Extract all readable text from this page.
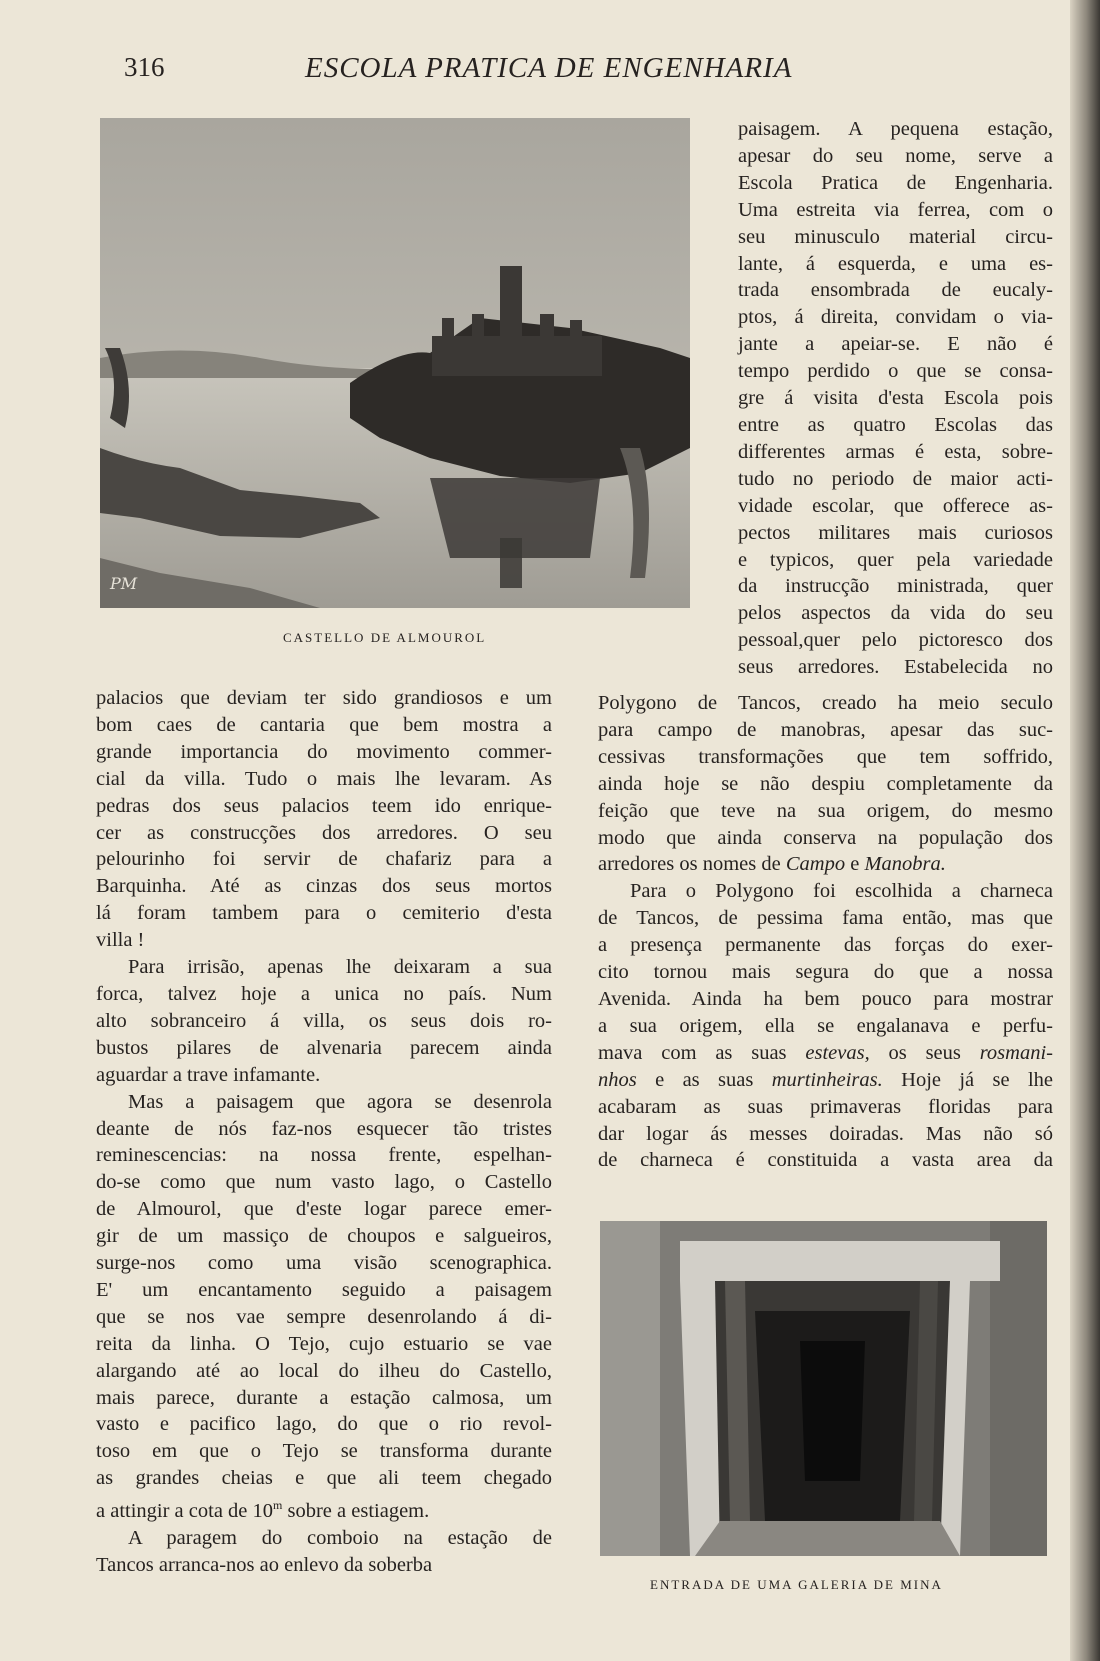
316	ESCOLA PRATICA DE ENGENHARIA
PM
CASTELLO DE ALMOUROL
paisagem. A pequena estação,
apesar do seu nome, serve a
Escola Pratica de Engenharia.
Uma estreita via ferrea, com o
seu minusculo material circu-
lante, á esquerda, e uma es-
trada ensombrada de eucaly-
ptos, á direita, convidam o via-
jante a apeiar-se. E não é
tempo perdido o que se consa-
gre á visita d'esta Escola pois
entre as quatro Escolas das
differentes armas é esta, sobre-
tudo no periodo de maior acti-
vidade escolar, que offerece as-
pectos militares mais curiosos
e typicos, quer pela variedade
da instrucção ministrada, quer
pelos aspectos da vida do seu
pessoal,quer pelo pictoresco dos
seus arredores. Estabelecida no
Polygono de Tancos, creado ha meio seculo
para campo de manobras, apesar das suc-
cessivas transformações que tem soffrido,
ainda hoje se não despiu completamente da
feição que teve na sua origem, do mesmo
modo que ainda conserva na população dos
arredores os nomes de Campo e Manobra.
Para o Polygono foi escolhida a charneca
de Tancos, de pessima fama então, mas que
a presença permanente das forças do exer-
cito tornou mais segura do que a nossa
Avenida. Ainda ha bem pouco para mostrar
a sua origem, ella se engalanava e perfu-
mava com as suas estevas, os seus rosmani-
nhos e as suas murtinheiras. Hoje já se lhe
acabaram as suas primaveras floridas para
dar logar ás messes doiradas. Mas não só
de charneca é constituida a vasta area da
palacios que deviam ter sido grandiosos e um
bom caes de cantaria que bem mostra a
grande importancia do movimento commer-
cial da villa. Tudo o mais lhe levaram. As
pedras dos seus palacios teem ido enrique-
cer as construcções dos arredores. O seu
pelourinho foi servir de chafariz para a
Barquinha. Até as cinzas dos seus mortos
lá foram tambem para o cemiterio d'esta
villa !
Para irrisão, apenas lhe deixaram a sua
forca, talvez hoje a unica no país. Num
alto sobranceiro á villa, os seus dois ro-
bustos pilares de alvenaria parecem ainda
aguardar a trave infamante.
Mas a paisagem que agora se desenrola
deante de nós faz-nos esquecer tão tristes
reminescencias: na nossa frente, espelhan-
do-se como que num vasto lago, o Castello
de Almourol, que d'este logar parece emer-
gir de um massiço de choupos e salgueiros,
surge-nos como uma visão scenographica.
E' um encantamento seguido a paisagem
que se nos vae sempre desenrolando á di-
reita da linha. O Tejo, cujo estuario se vae
alargando até ao local do ilheu do Castello,
mais parece, durante a estação calmosa, um
vasto e pacifico lago, do que o rio revol-
toso em que o Tejo se transforma durante
as grandes cheias e que ali teem chegado
a attingir a cota de 10$^m$ sobre a estiagem.
A paragem do comboio na estação de
Tancos arranca-nos ao enlevo da soberba
ENTRADA DE UMA GALERIA DE MINA
